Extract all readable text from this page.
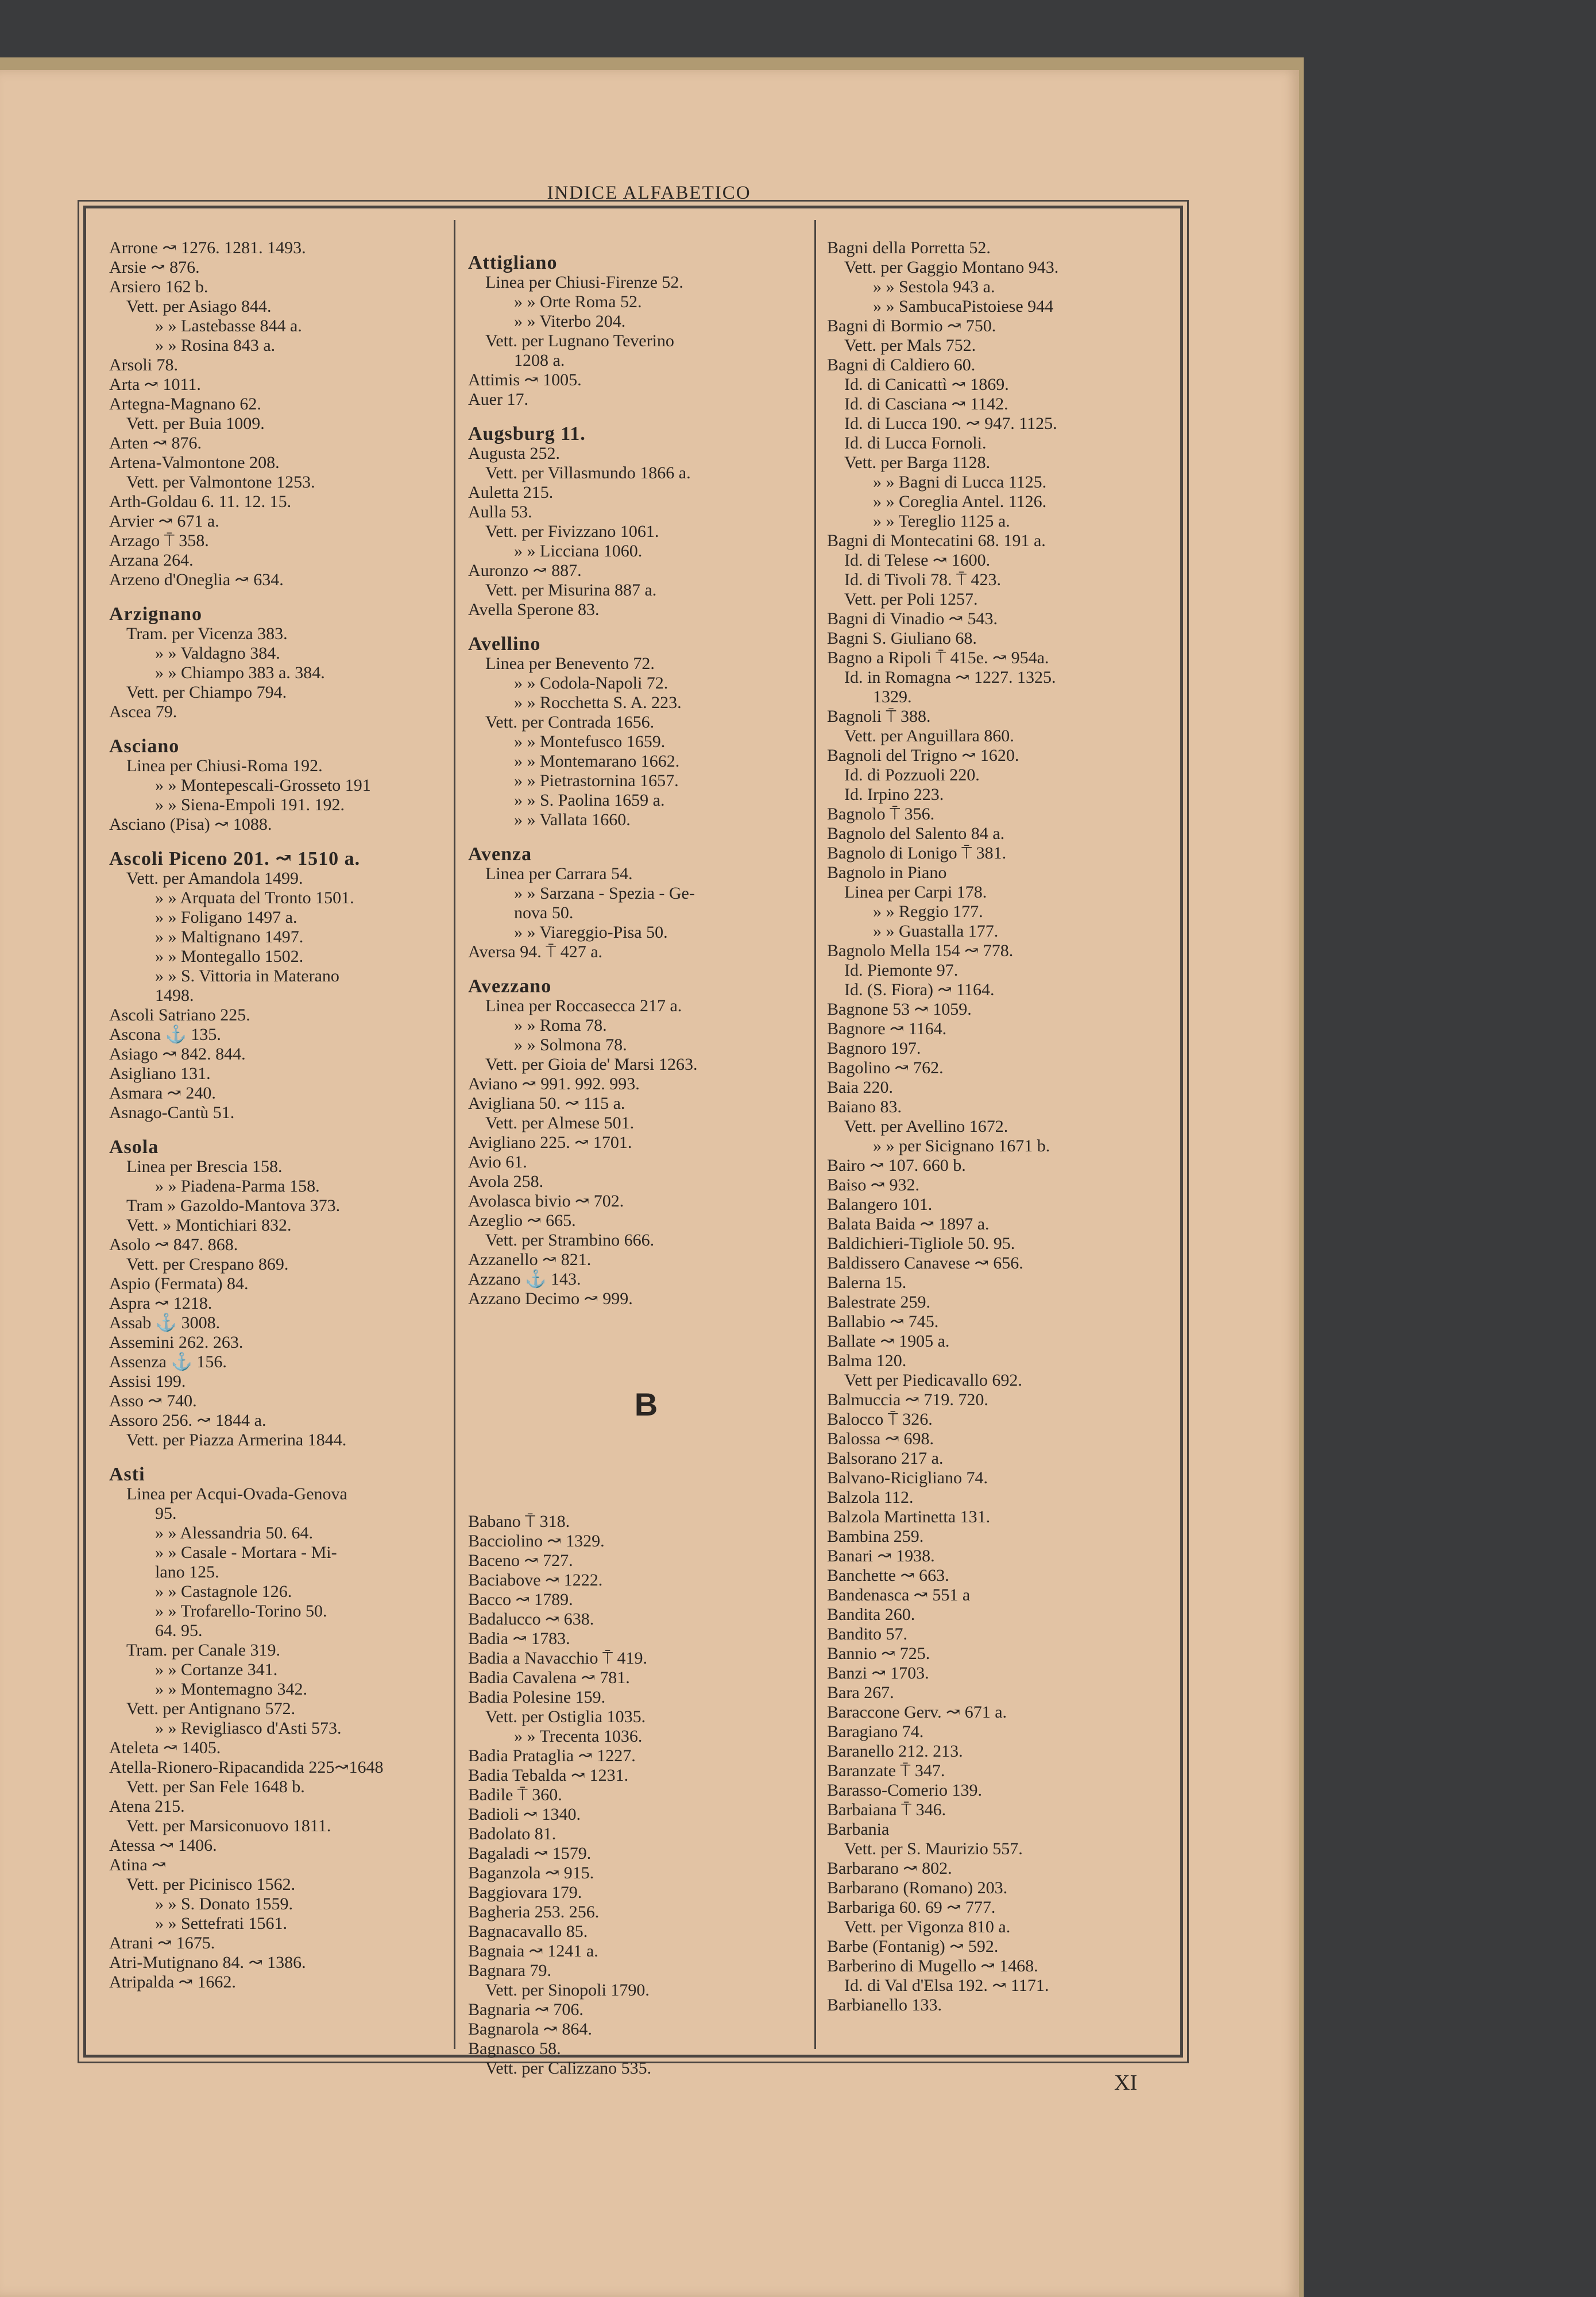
INDICE ALFABETICO
Arrone ↝ 1276. 1281. 1493.
Arsie ↝ 876.
Arsiero 162 b.
Vett. per Asiago 844.
» » Lastebasse 844 a.
» » Rosina 843 a.
Arsoli 78.
Arta ↝ 1011.
Artegna-Magnano 62.
Vett. per Buia 1009.
Arten ↝ 876.
Artena-Valmontone 208.
Vett. per Valmontone 1253.
Arth-Goldau 6. 11. 12. 15.
Arvier ↝ 671 a.
Arzago ⍑ 358.
Arzana 264.
Arzeno d'Oneglia ↝ 634.
Arzignano
Tram. per Vicenza 383.
» » Valdagno 384.
» » Chiampo 383 a. 384.
Vett. per Chiampo 794.
Ascea 79.
Asciano
Linea per Chiusi-Roma 192.
» » Montepescali-Grosseto 191
» » Siena-Empoli 191. 192.
Asciano (Pisa) ↝ 1088.
Ascoli Piceno 201. ↝ 1510 a.
Vett. per Amandola 1499.
» » Arquata del Tronto 1501.
» » Foligano 1497 a.
» » Maltignano 1497.
» » Montegallo 1502.
» » S. Vittoria in Materano
1498.
Ascoli Satriano 225.
Ascona ⚓ 135.
Asiago ↝ 842. 844.
Asigliano 131.
Asmara ↝ 240.
Asnago-Cantù 51.
Asola
Linea per Brescia 158.
» » Piadena-Parma 158.
Tram » Gazoldo-Mantova 373.
Vett. » Montichiari 832.
Asolo ↝ 847. 868.
Vett. per Crespano 869.
Aspio (Fermata) 84.
Aspra ↝ 1218.
Assab ⚓ 3008.
Assemini 262. 263.
Assenza ⚓ 156.
Assisi 199.
Asso ↝ 740.
Assoro 256. ↝ 1844 a.
Vett. per Piazza Armerina 1844.
Asti
Linea per Acqui-Ovada-Genova
95.
» » Alessandria 50. 64.
» » Casale - Mortara - Mi-
lano 125.
» » Castagnole 126.
» » Trofarello-Torino 50.
64. 95.
Tram. per Canale 319.
» » Cortanze 341.
» » Montemagno 342.
Vett. per Antignano 572.
» » Revigliasco d'Asti 573.
Ateleta ↝ 1405.
Atella-Rionero-Ripacandida 225↝1648
Vett. per San Fele 1648 b.
Atena 215.
Vett. per Marsiconuovo 1811.
Atessa ↝ 1406.
Atina ↝
Vett. per Picinisco 1562.
» » S. Donato 1559.
» » Settefrati 1561.
Atrani ↝ 1675.
Atri-Mutignano 84. ↝ 1386.
Atripalda ↝ 1662.
Attigliano
Linea per Chiusi-Firenze 52.
» » Orte Roma 52.
» » Viterbo 204.
Vett. per Lugnano Teverino
1208 a.
Attimis ↝ 1005.
Auer 17.
Augsburg 11.
Augusta 252.
Vett. per Villasmundo 1866 a.
Auletta 215.
Aulla 53.
Vett. per Fivizzano 1061.
» » Licciana 1060.
Auronzo ↝ 887.
Vett. per Misurina 887 a.
Avella Sperone 83.
Avellino
Linea per Benevento 72.
» » Codola-Napoli 72.
» » Rocchetta S. A. 223.
Vett. per Contrada 1656.
» » Montefusco 1659.
» » Montemarano 1662.
» » Pietrastornina 1657.
» » S. Paolina 1659 a.
» » Vallata 1660.
Avenza
Linea per Carrara 54.
» » Sarzana - Spezia - Ge-
nova 50.
» » Viareggio-Pisa 50.
Aversa 94. ⍑ 427 a.
Avezzano
Linea per Roccasecca 217 a.
» » Roma 78.
» » Solmona 78.
Vett. per Gioia de' Marsi 1263.
Aviano ↝ 991. 992. 993.
Avigliana 50. ↝ 115 a.
Vett. per Almese 501.
Avigliano 225. ↝ 1701.
Avio 61.
Avola 258.
Avolasca bivio ↝ 702.
Azeglio ↝ 665.
Vett. per Strambino 666.
Azzanello ↝ 821.
Azzano ⚓ 143.
Azzano Decimo ↝ 999.
B
Babano ⍑ 318.
Bacciolino ↝ 1329.
Baceno ↝ 727.
Baciabove ↝ 1222.
Bacco ↝ 1789.
Badalucco ↝ 638.
Badia ↝ 1783.
Badia a Navacchio ⍑ 419.
Badia Cavalena ↝ 781.
Badia Polesine 159.
Vett. per Ostiglia 1035.
» » Trecenta 1036.
Badia Prataglia ↝ 1227.
Badia Tebalda ↝ 1231.
Badile ⍑ 360.
Badioli ↝ 1340.
Badolato 81.
Bagaladi ↝ 1579.
Baganzola ↝ 915.
Baggiovara 179.
Bagheria 253. 256.
Bagnacavallo 85.
Bagnaia ↝ 1241 a.
Bagnara 79.
Vett. per Sinopoli 1790.
Bagnaria ↝ 706.
Bagnarola ↝ 864.
Bagnasco 58.
Vett. per Calizzano 535.
Bagni della Porretta 52.
Vett. per Gaggio Montano 943.
» » Sestola 943 a.
» » SambucaPistoiese 944
Bagni di Bormio ↝ 750.
Vett. per Mals 752.
Bagni di Caldiero 60.
Id. di Canicattì ↝ 1869.
Id. di Casciana ↝ 1142.
Id. di Lucca 190. ↝ 947. 1125.
Id. di Lucca Fornoli.
Vett. per Barga 1128.
» » Bagni di Lucca 1125.
» » Coreglia Antel. 1126.
» » Tereglio 1125 a.
Bagni di Montecatini 68. 191 a.
Id. di Telese ↝ 1600.
Id. di Tivoli 78. ⍑ 423.
Vett. per Poli 1257.
Bagni di Vinadio ↝ 543.
Bagni S. Giuliano 68.
Bagno a Ripoli ⍑ 415e. ↝ 954a.
Id. in Romagna ↝ 1227. 1325.
1329.
Bagnoli ⍑ 388.
Vett. per Anguillara 860.
Bagnoli del Trigno ↝ 1620.
Id. di Pozzuoli 220.
Id. Irpino 223.
Bagnolo ⍑ 356.
Bagnolo del Salento 84 a.
Bagnolo di Lonigo ⍑ 381.
Bagnolo in Piano
Linea per Carpi 178.
» » Reggio 177.
» » Guastalla 177.
Bagnolo Mella 154 ↝ 778.
Id. Piemonte 97.
Id. (S. Fiora) ↝ 1164.
Bagnone 53 ↝ 1059.
Bagnore ↝ 1164.
Bagnoro 197.
Bagolino ↝ 762.
Baia 220.
Baiano 83.
Vett. per Avellino 1672.
» » per Sicignano 1671 b.
Bairo ↝ 107. 660 b.
Baiso ↝ 932.
Balangero 101.
Balata Baida ↝ 1897 a.
Baldichieri-Tigliole 50. 95.
Baldissero Canavese ↝ 656.
Balerna 15.
Balestrate 259.
Ballabio ↝ 745.
Ballate ↝ 1905 a.
Balma 120.
Vett per Piedicavallo 692.
Balmuccia ↝ 719. 720.
Balocco ⍑ 326.
Balossa ↝ 698.
Balsorano 217 a.
Balvano-Ricigliano 74.
Balzola 112.
Balzola Martinetta 131.
Bambina 259.
Banari ↝ 1938.
Banchette ↝ 663.
Bandenasca ↝ 551 a
Bandita 260.
Bandito 57.
Bannio ↝ 725.
Banzi ↝ 1703.
Bara 267.
Baraccone Gerv. ↝ 671 a.
Baragiano 74.
Baranello 212. 213.
Baranzate ⍑ 347.
Barasso-Comerio 139.
Barbaiana ⍑ 346.
Barbania
Vett. per S. Maurizio 557.
Barbarano ↝ 802.
Barbarano (Romano) 203.
Barbariga 60. 69 ↝ 777.
Vett. per Vigonza 810 a.
Barbe (Fontanig) ↝ 592.
Barberino di Mugello ↝ 1468.
Id. di Val d'Elsa 192. ↝ 1171.
Barbianello 133.
XI
